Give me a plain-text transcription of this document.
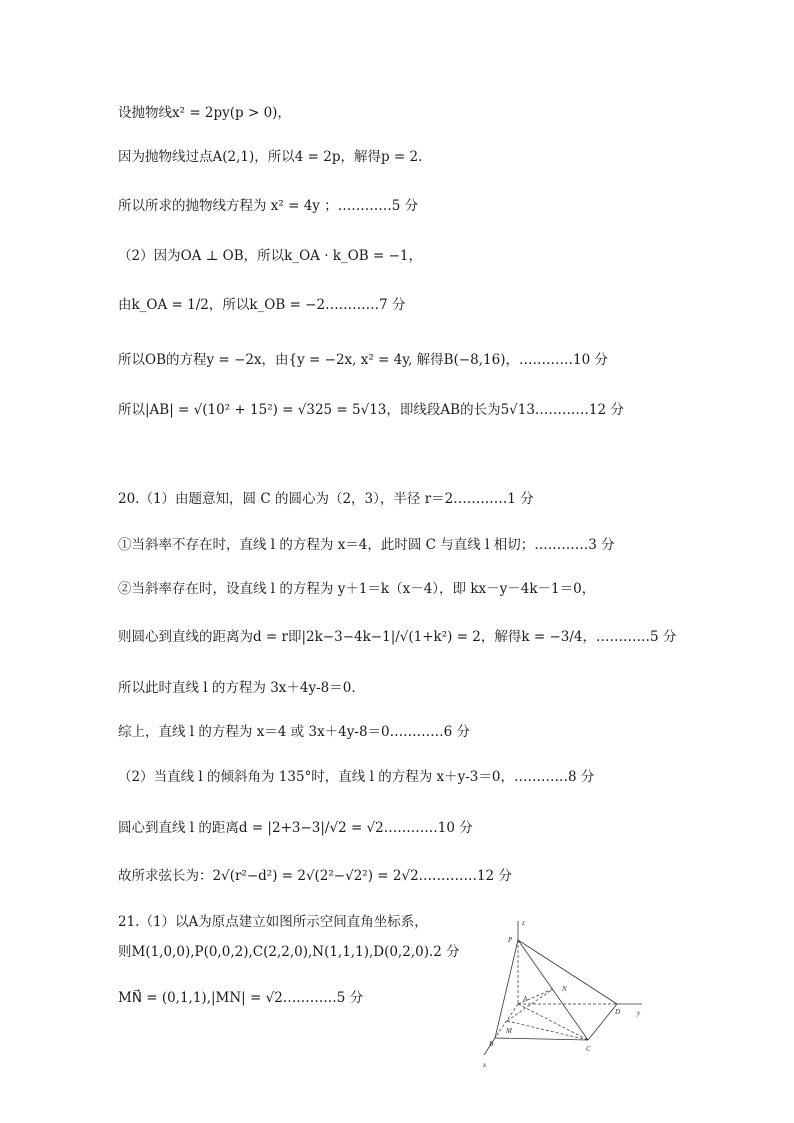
设抛物线x² = 2py(p > 0)，
因为抛物线过点A(2,1)，所以4 = 2p，解得p = 2.
所以所求的抛物线方程为 x² = 4y ；…………5 分
（2）因为OA ⊥ OB，所以k_OA · k_OB = −1，
由k_OA = 1/2，所以k_OB = −2…………7 分
所以OB的方程y = −2x，由{y = −2x, x² = 4y, 解得B(−8,16)，…………10 分
所以|AB| = √(10² + 15²) = √325 = 5√13，即线段AB的长为5√13…………12 分
20.（1）由题意知，圆 C 的圆心为（2，3），半径 r＝2…………1 分
①当斜率不存在时，直线 l 的方程为 x＝4，此时圆 C 与直线 l 相切；…………3 分
②当斜率存在时，设直线 l 的方程为 y＋1＝k（x－4），即 kx－y－4k－1＝0，
则圆心到直线的距离为d = r即|2k−3−4k−1|/√(1+k²) = 2，解得k = −3/4，…………5 分
所以此时直线 l 的方程为 3x＋4y-8＝0.
综上，直线 l 的方程为 x＝4 或 3x＋4y-8＝0…………6 分
（2）当直线 l 的倾斜角为 135°时，直线 l 的方程为 x＋y-3＝0，…………8 分
圆心到直线 l 的距离d = |2+3−3|/√2 = √2…………10 分
故所求弦长为：2√(r²−d²) = 2√(2²−√2²) = 2√2.…………12 分
21.（1）以A为原点建立如图所示空间直角坐标系，
则M(1,0,0),P(0,0,2),C(2,2,0),N(1,1,1),D(0,2,0).2 分
MN⃗ = (0,1,1),|MN| = √2…………5 分
z
P
N
A
D y
M
B
C
x
